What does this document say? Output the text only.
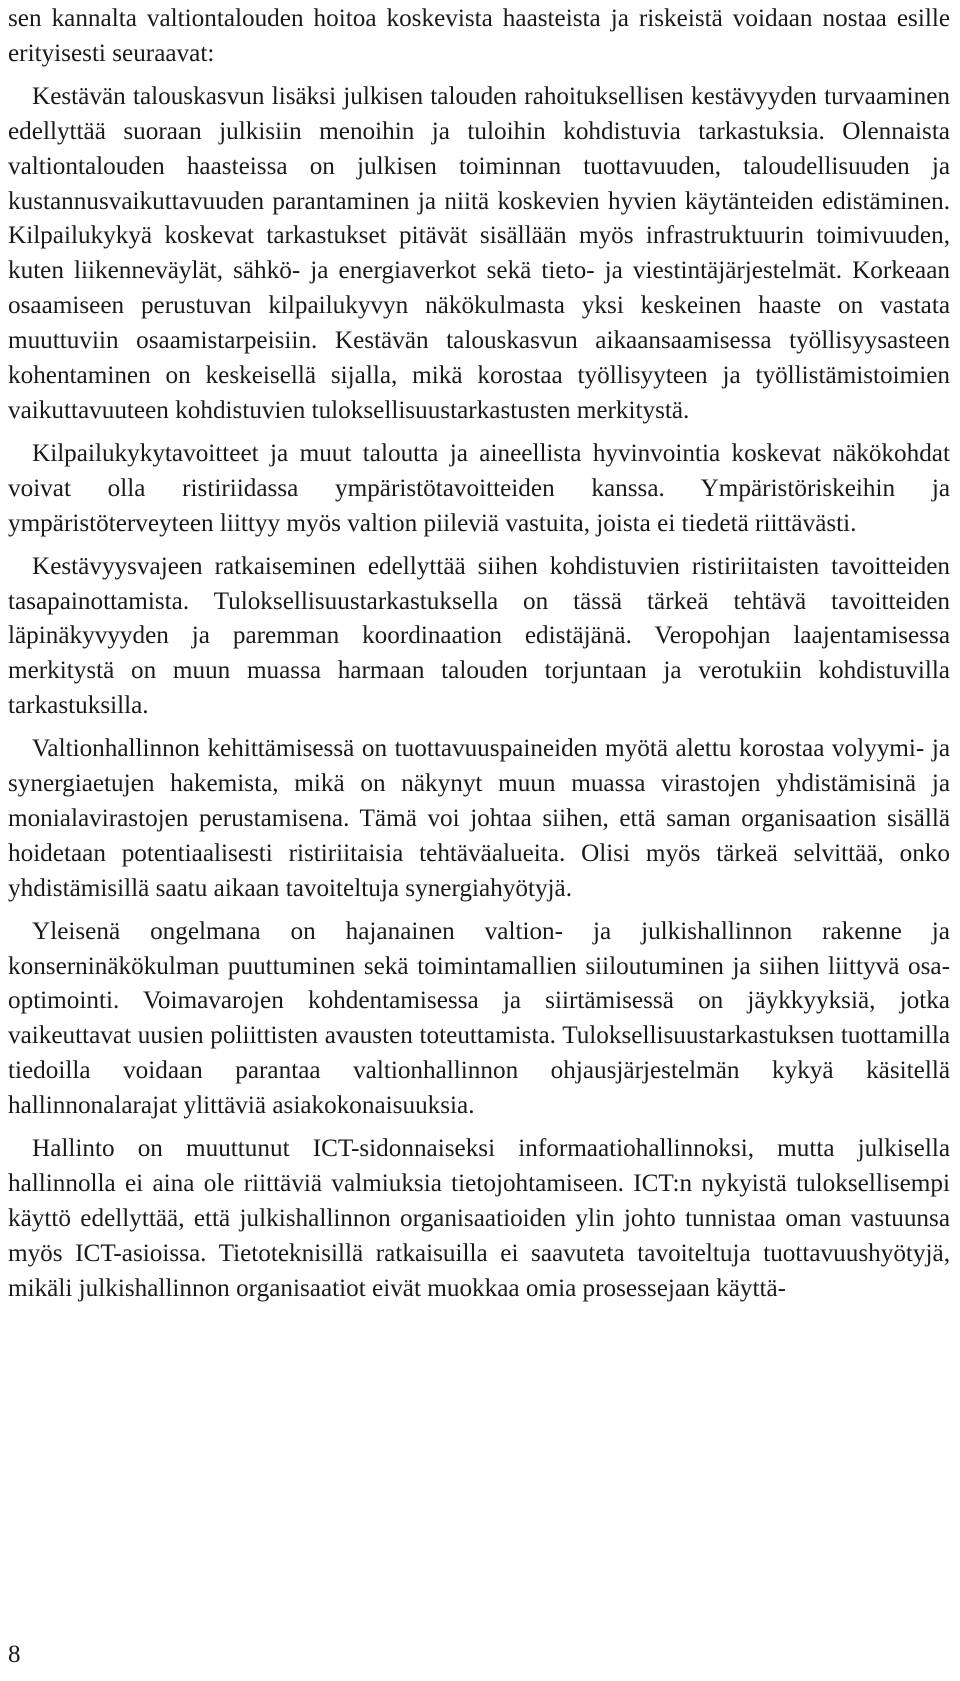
sen kannalta valtiontalouden hoitoa koskevista haasteista ja riskeistä voidaan nostaa esille erityisesti seuraavat:

Kestävän talouskasvun lisäksi julkisen talouden rahoituksellisen kestävyyden turvaaminen edellyttää suoraan julkisiin menoihin ja tuloihin kohdistuvia tarkastuksia. Olennaista valtiontalouden haasteissa on julkisen toiminnan tuottavuuden, taloudellisuuden ja kustannusvaikuttavuuden parantaminen ja niitä koskevien hyvien käytänteiden edistäminen. Kilpailukykyä koskevat tarkastukset pitävät sisällään myös infrastruktuurin toimivuuden, kuten liikenneväylät, sähkö- ja energiaverkot sekä tieto- ja viestintäjärjestelmät. Korkeaan osaamiseen perustuvan kilpailukyvyn näkökulmasta yksi keskeinen haaste on vastata muuttuviin osaamistarpeisiin. Kestävän talouskasvun aikaansaamisessa työllisyysasteen kohentaminen on keskeisellä sijalla, mikä korostaa työllisyyteen ja työllistämistoimien vaikuttavuuteen kohdistuvien tuloksellisuustarkastusten merkitystä.

Kilpailukykytavoitteet ja muut taloutta ja aineellista hyvinvointia koskevat näkökohdat voivat olla ristiriidassa ympäristötavoitteiden kanssa. Ympäristöriskeihin ja ympäristöterveyteen liittyy myös valtion piileviä vastuita, joista ei tiedetä riittävästi.

Kestävyysvajeen ratkaiseminen edellyttää siihen kohdistuvien ristiriitaisten tavoitteiden tasapainottamista. Tuloksellisuustarkastuksella on tässä tärkeä tehtävä tavoitteiden läpinäkyvyyden ja paremman koordinaation edistäjänä. Veropohjan laajentamisessa merkitystä on muun muassa harmaan talouden torjuntaan ja verotukiin kohdistuvilla tarkastuksilla.

Valtionhallinnon kehittämisessä on tuottavuuspaineiden myötä alettu korostaa volyymi- ja synergiaetujen hakemista, mikä on näkynyt muun muassa virastojen yhdistämisinä ja monialavirastojen perustamisena. Tämä voi johtaa siihen, että saman organisaation sisällä hoidetaan potentiaalisesti ristiriitaisia tehtäväalueita. Olisi myös tärkeä selvittää, onko yhdistämisillä saatu aikaan tavoiteltuja synergiahyötyjä.

Yleisenä ongelmana on hajanainen valtion- ja julkishallinnon rakenne ja konserninäkökulman puuttuminen sekä toimintamallien siiloutuminen ja siihen liittyvä osa-optimointi. Voimavarojen kohdentamisessa ja siirtämisessä on jäykkyyksiä, jotka vaikeuttavat uusien poliittisten avausten toteuttamista. Tuloksellisuustarkastuksen tuottamilla tiedoilla voidaan parantaa valtionhallinnon ohjausjärjestelmän kykyä käsitellä hallinnonalarajat ylittäviä asiakokonaisuuksia.

Hallinto on muuttunut ICT-sidonnaiseksi informaatiohallinnoksi, mutta julkisella hallinnolla ei aina ole riittäviä valmiuksia tietojohtamiseen. ICT:n nykyistä tuloksellisempi käyttö edellyttää, että julkishallinnon organisaatioiden ylin johto tunnistaa oman vastuunsa myös ICT-asioissa. Tietoteknisillä ratkaisuilla ei saavuteta tavoiteltuja tuottavuushyötyjä, mikäli julkishallinnon organisaatiot eivät muokkaa omia prosessejaan käyttä-

8
